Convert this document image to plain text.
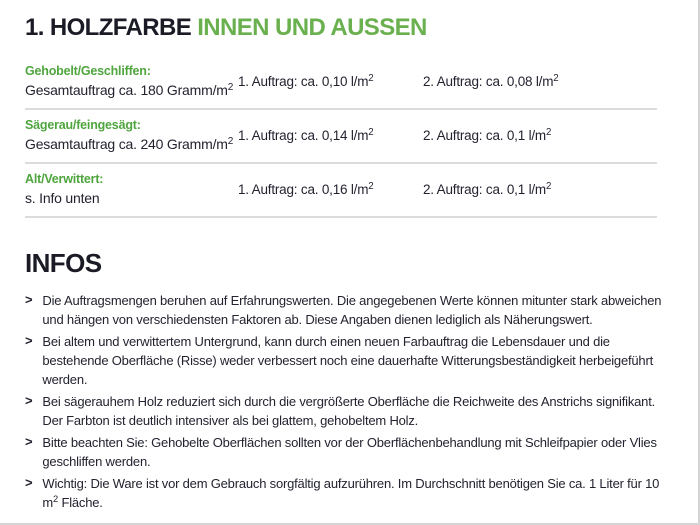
1. HOLZFARBE INNEN UND AUSSEN
Gehobelt/Geschliffen:
Gesamtauftrag ca. 180 Gramm/$m^2$ 1. Auftrag: ca. 0,10 $l/m^2$	2. Auftrag: ca. 0,08 $l/m^2$
Sägerau/feingesägt:
Gesamtauftrag ca. 240 Gramm/$m^2$ 1. Auftrag: ca. 0,14 $l/m^2$	2. Auftrag: ca. 0,1 $l/m^2$
Alt/Verwittert:
s. Info unten
1. Auftrag: ca. 0,16 $l/m^2$	2. Auftrag: ca. 0,1 $l/m^2$
INFOS
> Die Auftragsmengen beruhen auf Erfahrungswerten. Die angegebenen Werte können mitunter stark abweichen und hängen von verschiedensten Faktoren ab. Diese Angaben dienen lediglich als Näherungswert.
> Bei altem und verwittertem Untergrund, kann durch einen neuen Farbauftrag die Lebensdauer und die bestehende Oberfläche (Risse) weder verbessert noch eine dauerhafte Witterungsbeständigkeit herbeigeführt werden.
> Bei sägerauhem Holz reduziert sich durch die vergrößerte Oberfläche die Reichweite des Anstrichs signifikant. Der Farbton ist deutlich intensiver als bei glattem, gehobeltem Holz.
> Bitte beachten Sie: Gehobelte Oberflächen sollten vor der Oberflächenbehandlung mit Schleifpapier oder Vlies geschliffen werden.
> Wichtig: Die Ware ist vor dem Gebrauch sorgfältig aufzurühren. Im Durchschnitt benötigen Sie ca. 1 Liter für 10 $m^2$ Fläche.
